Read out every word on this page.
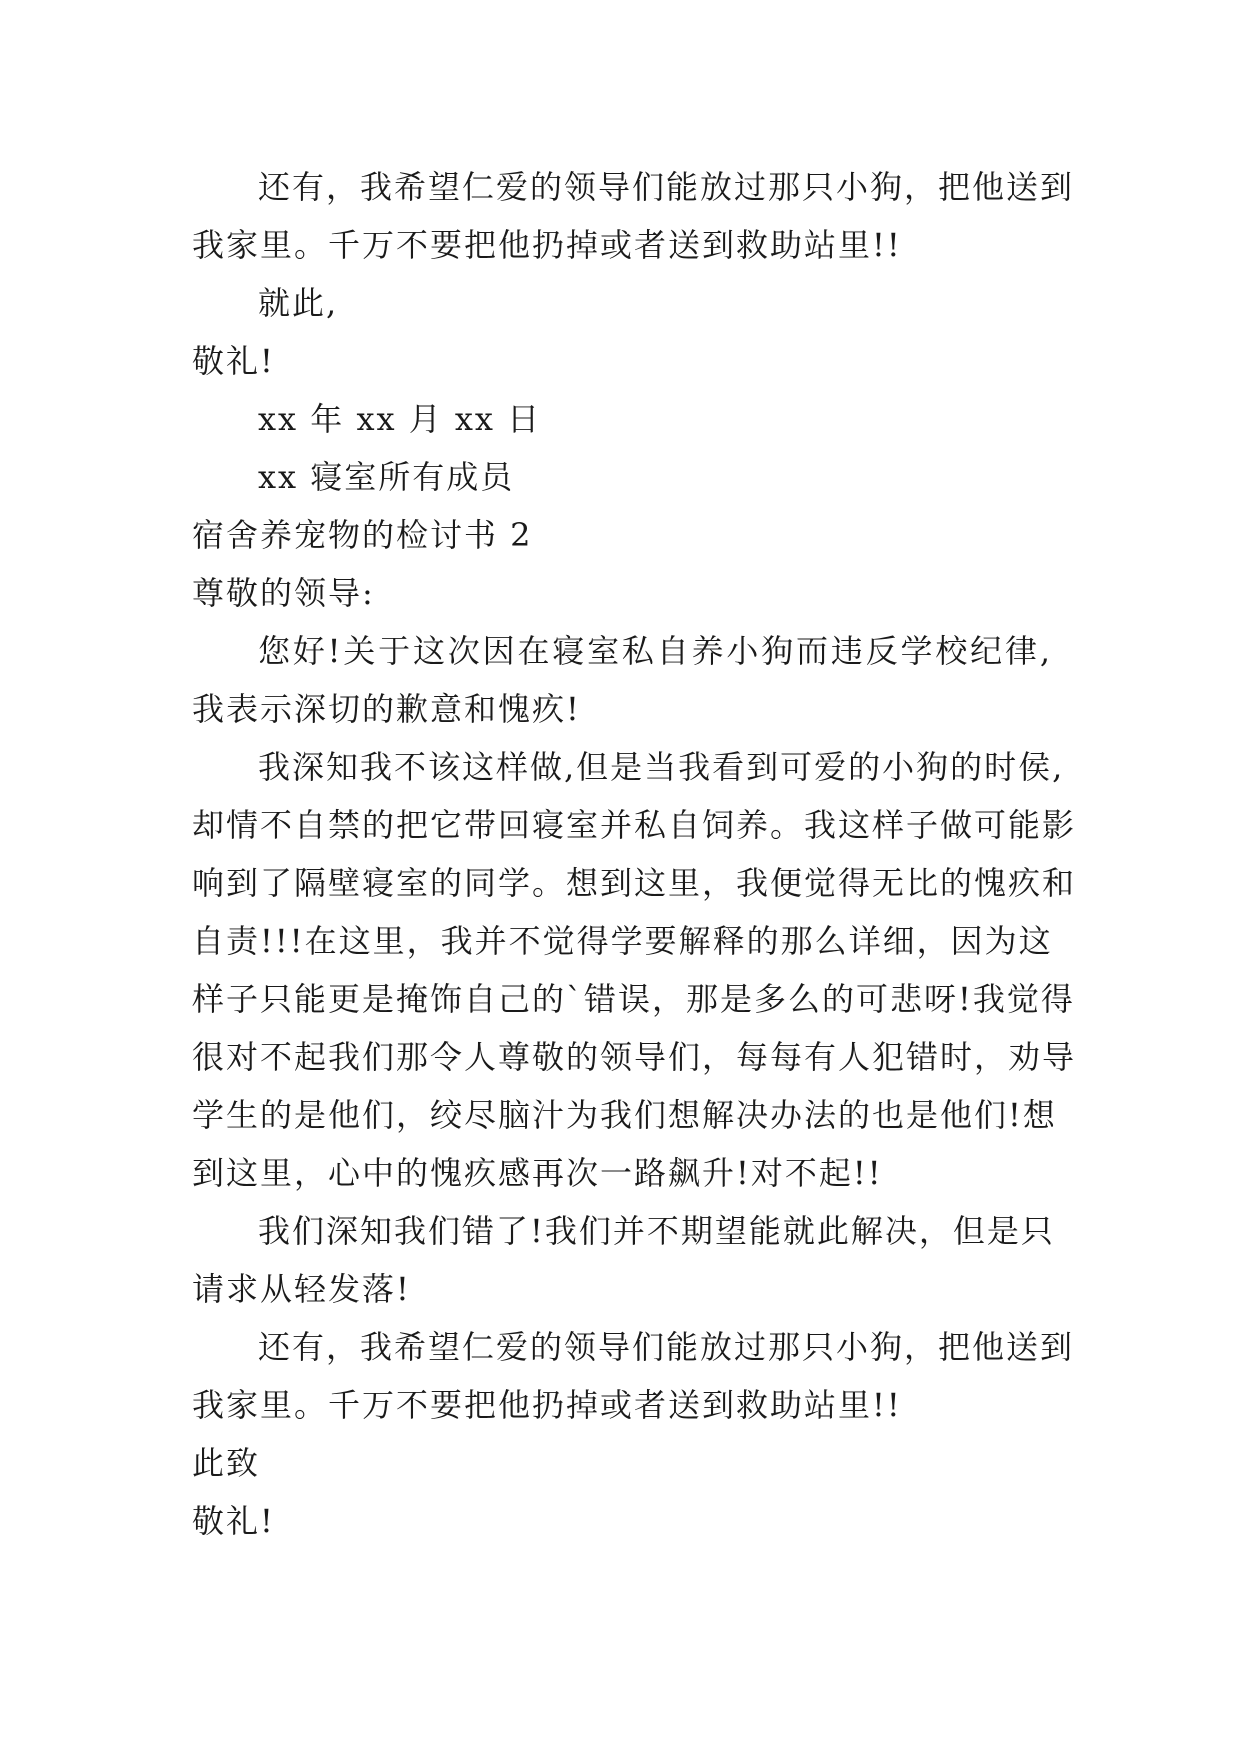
还有，我希望仁爱的领导们能放过那只小狗，把他送到
我家里。千万不要把他扔掉或者送到救助站里!!
就此,
敬礼!
xx 年 xx 月 xx 日
xx 寝室所有成员
宿舍养宠物的检讨书 2
尊敬的领导:
您好!关于这次因在寝室私自养小狗而违反学校纪律,
我表示深切的歉意和愧疚!
我深知我不该这样做,但是当我看到可爱的小狗的时侯,
却情不自禁的把它带回寝室并私自饲养。我这样子做可能影
响到了隔壁寝室的同学。想到这里，我便觉得无比的愧疚和
自责!!!在这里，我并不觉得学要解释的那么详细，因为这
样子只能更是掩饰自己的`错误，那是多么的可悲呀!我觉得
很对不起我们那令人尊敬的领导们，每每有人犯错时，劝导
学生的是他们，绞尽脑汁为我们想解决办法的也是他们!想
到这里，心中的愧疚感再次一路飙升!对不起!!
我们深知我们错了!我们并不期望能就此解决，但是只
请求从轻发落!
还有，我希望仁爱的领导们能放过那只小狗，把他送到
我家里。千万不要把他扔掉或者送到救助站里!!
此致
敬礼!
